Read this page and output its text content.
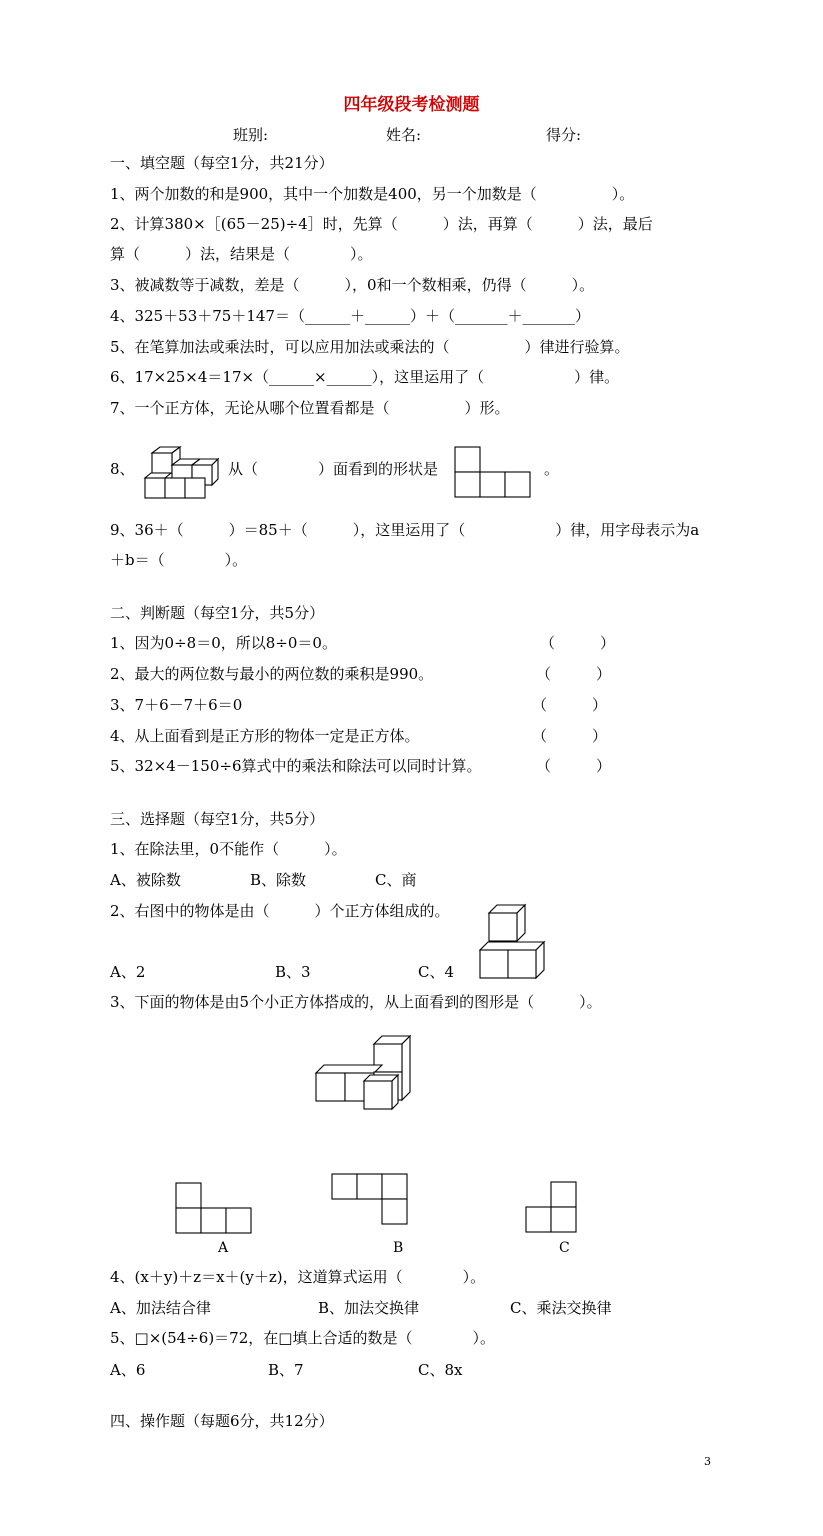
四年级段考检测题
班别:	姓名:	得分:
一、填空题（每空1分，共21分）
1、两个加数的和是900，其中一个加数是400，另一个加数是（　　　　　）。
2、计算380×［(65－25)÷4］时，先算（　　　）法，再算（　　　）法，最后
算（　　　）法，结果是（　　　　）。
3、被减数等于减数，差是（　　　），0和一个数相乘，仍得（　　　）。
4、325＋53＋75＋147＝（______＋______）＋（_______＋_______）
5、在笔算加法或乘法时，可以应用加法或乘法的（　　　　　）律进行验算。
6、17×25×4＝17×（______×______），这里运用了（　　　　　　）律。
7、一个正方体，无论从哪个位置看都是（　　　　　）形。
8、	从（　　　　）面看到的形状是	。
9、36＋（　　　）＝85＋（　　　），这里运用了（　　　　　　）律，用字母表示为a
＋b＝（　　　　）。
二、判断题（每空1分，共5分）
1、因为0÷8＝0，所以8÷0＝0。	（　　　）
2、最大的两位数与最小的两位数的乘积是990。	（　　　）
3、7＋6－7＋6＝0	（　　　）
4、从上面看到是正方形的物体一定是正方体。	（　　　）
5、32×4－150÷6算式中的乘法和除法可以同时计算。	（　　　）
三、选择题（每空1分，共5分）
1、在除法里，0不能作（　　　）。
A、被除数	B、除数	C、商
2、右图中的物体是由（　　　）个正方体组成的。
A、2	B、3	C、4
3、下面的物体是由5个小正方体搭成的，从上面看到的图形是（　　　）。
A	B	C
4、(x＋y)＋z＝x＋(y＋z)，这道算式运用（　　　　）。
A、加法结合律	B、加法交换律	C、乘法交换律
5、□×(54÷6)＝72，在□填上合适的数是（　　　　）。
A、6	B、7	C、8x
四、操作题（每题6分，共12分）
3
